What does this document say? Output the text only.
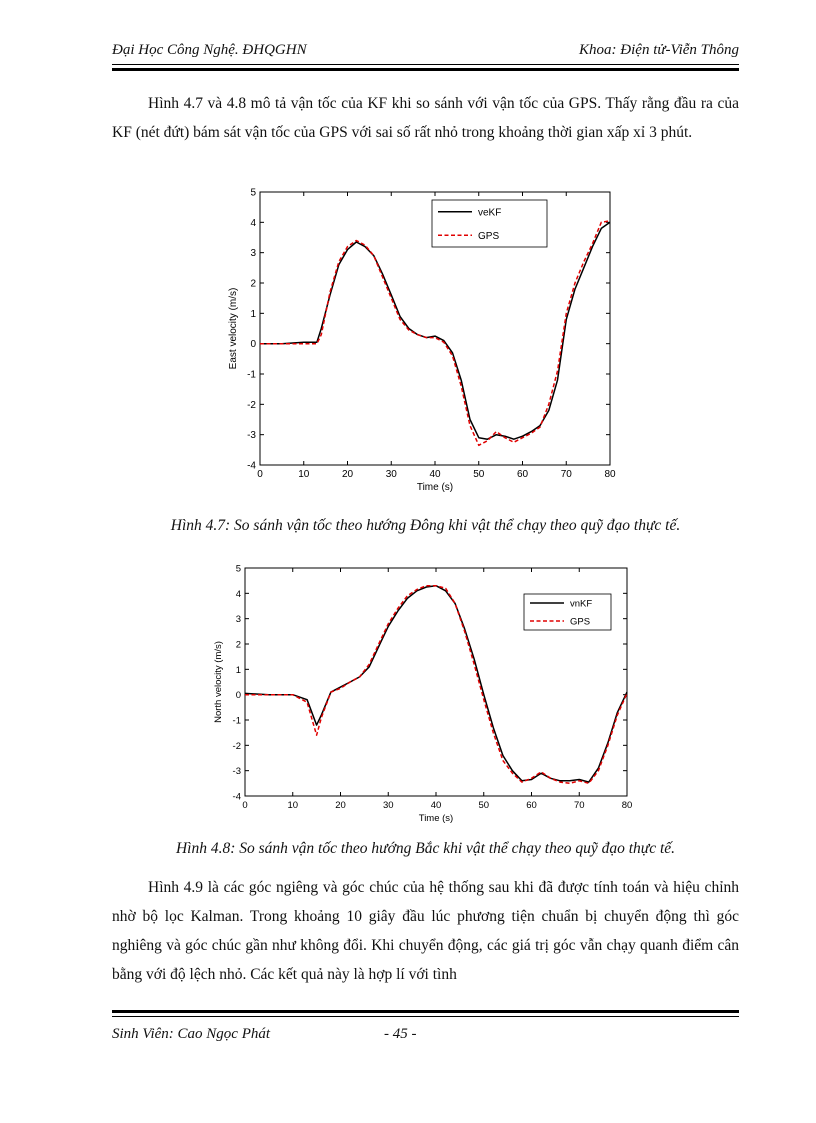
Đại Học Công Nghệ. ĐHQGHN	Khoa: Điện tử-Viễn Thông

Hình 4.7 và 4.8 mô tả vận tốc của KF khi so sánh với vận tốc của GPS. Thấy rằng đầu ra của KF (nét đứt) bám sát vận tốc của GPS với sai số rất nhỏ trong khoảng thời gian xấp xỉ 3 phút.

0	10	20	30	40	50	60	70	80
5
4
3
2
1
0
-1
-2
-3
-4
Time (s)
East velocity (m/s)
veKF
GPS
Hình 4.7: So sánh vận tốc theo hướng Đông khi vật thể chạy theo quỹ đạo thực tế.
0	10	20	30	40	50	60	70	80
5
4
3
2
1
0
-1
-2
-3
-4
Time (s)
North velocity (m/s)
vnKF
GPS
Hình 4.8: So sánh vận tốc theo hướng Bắc khi vật thể chạy theo quỹ đạo thực tế.

Hình 4.9 là các góc ngiêng và góc chúc của hệ thống sau khi đã được tính toán và hiệu chỉnh nhờ bộ lọc Kalman. Trong khoảng 10 giây đầu lúc phương tiện chuẩn bị chuyển động thì góc nghiêng và góc chúc gần như không đổi. Khi chuyển động, các giá trị góc vẫn chạy quanh điểm cân bằng với độ lệch nhỏ. Các kết quả này là hợp lí với tình

Sinh Viên: Cao Ngọc Phát	- 45 -
